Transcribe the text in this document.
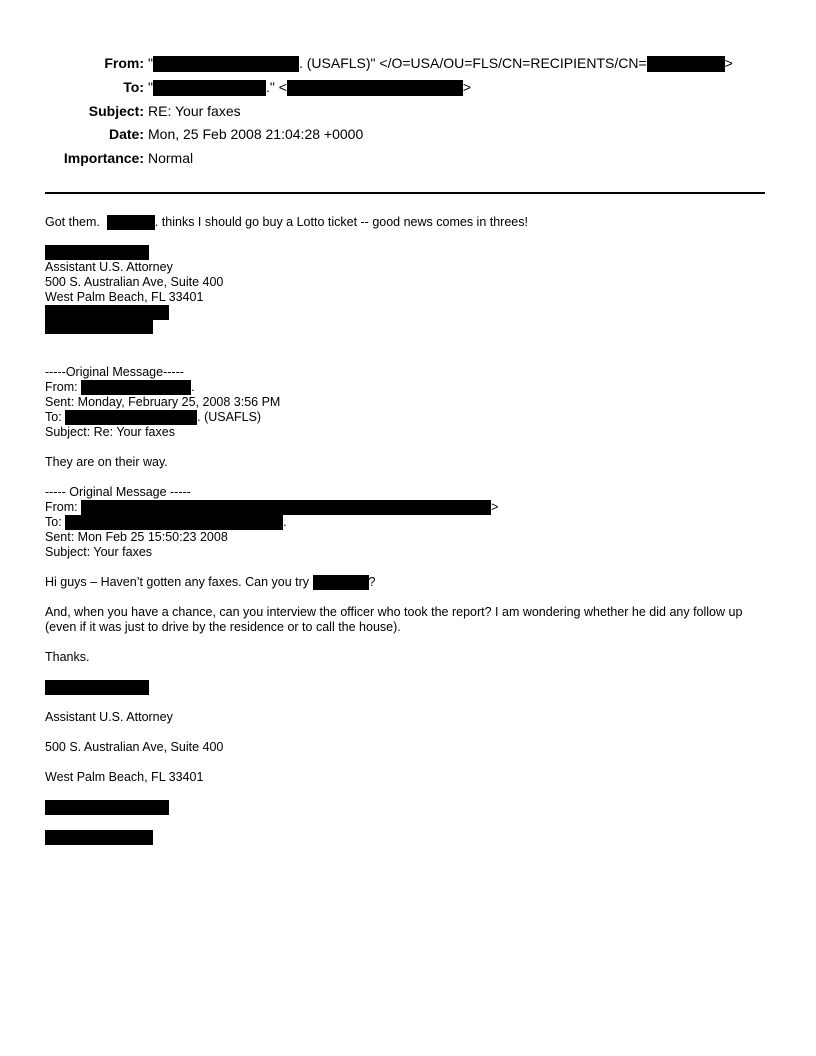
From: "	. (USAFLS)" </O=USA/OU=FLS/CN=RECIPIENTS/CN=	>
To: "	." <	>
Subject: RE: Your faxes
Date: Mon, 25 Feb 2008 21:04:28 +0000
Importance: Normal
Got them.	. thinks I should go buy a Lotto ticket -- good news comes in threes!
Assistant U.S. Attorney
500 S. Australian Ave, Suite 400
West Palm Beach, FL 33401
-----Original Message-----
From:	.
Sent: Monday, February 25, 2008 3:56 PM
To:	. (USAFLS)
Subject: Re: Your faxes
They are on their way.
----- Original Message -----
From:	>
To:	.
Sent: Mon Feb 25 15:50:23 2008
Subject: Your faxes
Hi guys – Haven’t gotten any faxes. Can you try	?
And, when you have a chance, can you interview the officer who took the report? I am wondering whether he did any follow up (even if it was just to drive by the residence or to call the house).
Thanks.
Assistant U.S. Attorney
500 S. Australian Ave, Suite 400
West Palm Beach, FL 33401
